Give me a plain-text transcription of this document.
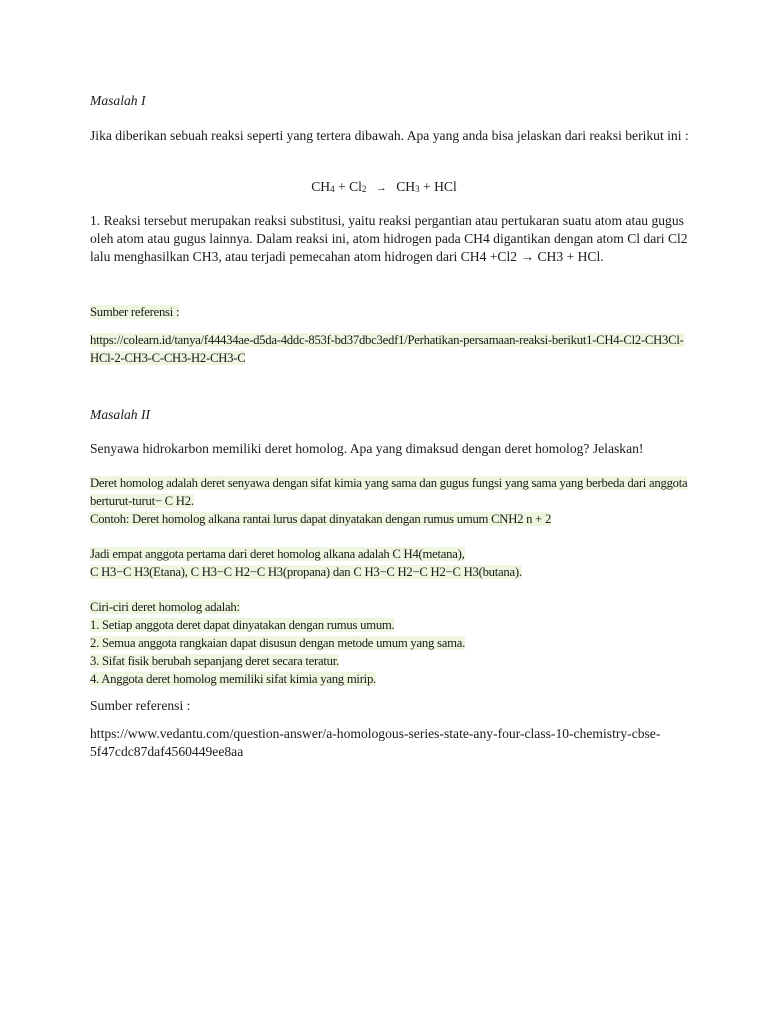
Masalah I

Jika diberikan sebuah reaksi seperti yang tertera dibawah. Apa yang anda bisa jelaskan dari reaksi berikut ini :

$CH_4 + Cl_2 \to CH_3$ + HCl

1. Reaksi tersebut merupakan reaksi substitusi, yaitu reaksi pergantian atau pertukaran suatu atom atau gugus oleh atom atau gugus lainnya. Dalam reaksi ini, atom hidrogen pada CH4 digantikan dengan atom Cl dari Cl2 lalu menghasilkan CH3, atau terjadi pemecahan atom hidrogen dari CH4 +Cl2 → CH3 + HCl.

Sumber referensi :

https://colearn.id/tanya/f44434ae-d5da-4ddc-853f-bd37dbc3edf1/Perhatikan-persamaan-reaksi-berikut1-CH4-Cl2-CH3Cl-HCl-2-CH3-C-CH3-H2-CH3-C

Masalah II

Senyawa hidrokarbon memiliki deret homolog. Apa yang dimaksud dengan deret homolog? Jelaskan!

Deret homolog adalah deret senyawa dengan sifat kimia yang sama dan gugus fungsi yang sama yang berbeda dari anggota berturut-turut− C H2.
Contoh: Deret homolog alkana rantai lurus dapat dinyatakan dengan rumus umum CNH2 n + 2
Jadi empat anggota pertama dari deret homolog alkana adalah C H4(metana),
C H3−C H3(Etana), C H3−C H2−C H3(propana) dan C H3−C H2−C H2−C H3(butana).
Ciri-ciri deret homolog adalah:
1. Setiap anggota deret dapat dinyatakan dengan rumus umum.
2. Semua anggota rangkaian dapat disusun dengan metode umum yang sama.
3. Sifat fisik berubah sepanjang deret secara teratur.
4. Anggota deret homolog memiliki sifat kimia yang mirip.

Sumber referensi :

https://www.vedantu.com/question-answer/a-homologous-series-state-any-four-class-10-chemistry-cbse-5f47cdc87daf4560449ee8aa
